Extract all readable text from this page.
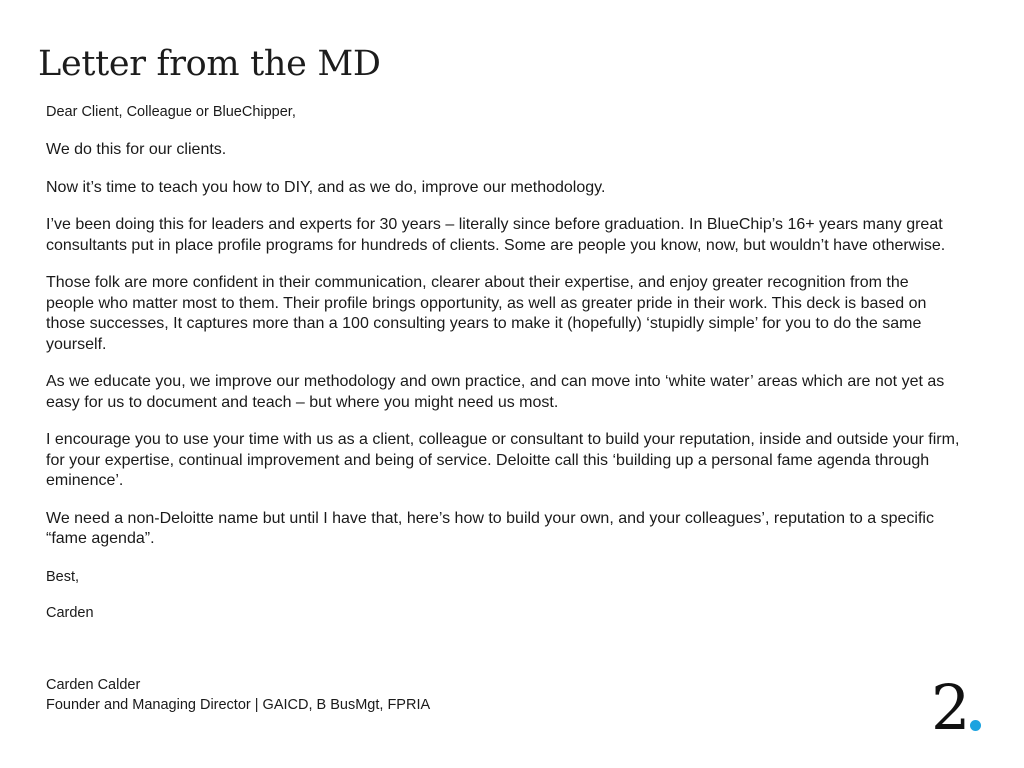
Letter from the MD

Dear Client, Colleague or BlueChipper,

We do this for our clients.

Now it’s time to teach you how to DIY, and as we do, improve our methodology.

I’ve been doing this for leaders and experts for 30 years – literally since before graduation. In BlueChip’s 16+ years many great consultants put in place profile programs for hundreds of clients. Some are people you know, now, but wouldn’t have otherwise.

Those folk are more confident in their communication, clearer about their expertise, and enjoy greater recognition from the people who matter most to them. Their profile brings opportunity, as well as greater pride in their work. This deck is based on those successes, It captures more than a 100 consulting years to make it (hopefully) ‘stupidly simple’ for you to do the same yourself.

As we educate you, we improve our methodology and own practice, and can move into ‘white water’ areas which are not yet as easy for us to document and teach – but where you might need us most.

I encourage you to use your time with us as a client, colleague or consultant to build your reputation, inside and outside your firm, for your expertise, continual improvement and being of service. Deloitte call this ‘building up a personal fame agenda through eminence’.

We need a non-Deloitte name but until I have that, here’s how to build your own, and your colleagues’, reputation to a specific “fame agenda”.

Best,

Carden

Carden Calder
Founder and Managing Director | GAICD, B BusMgt, FPRIA	2
